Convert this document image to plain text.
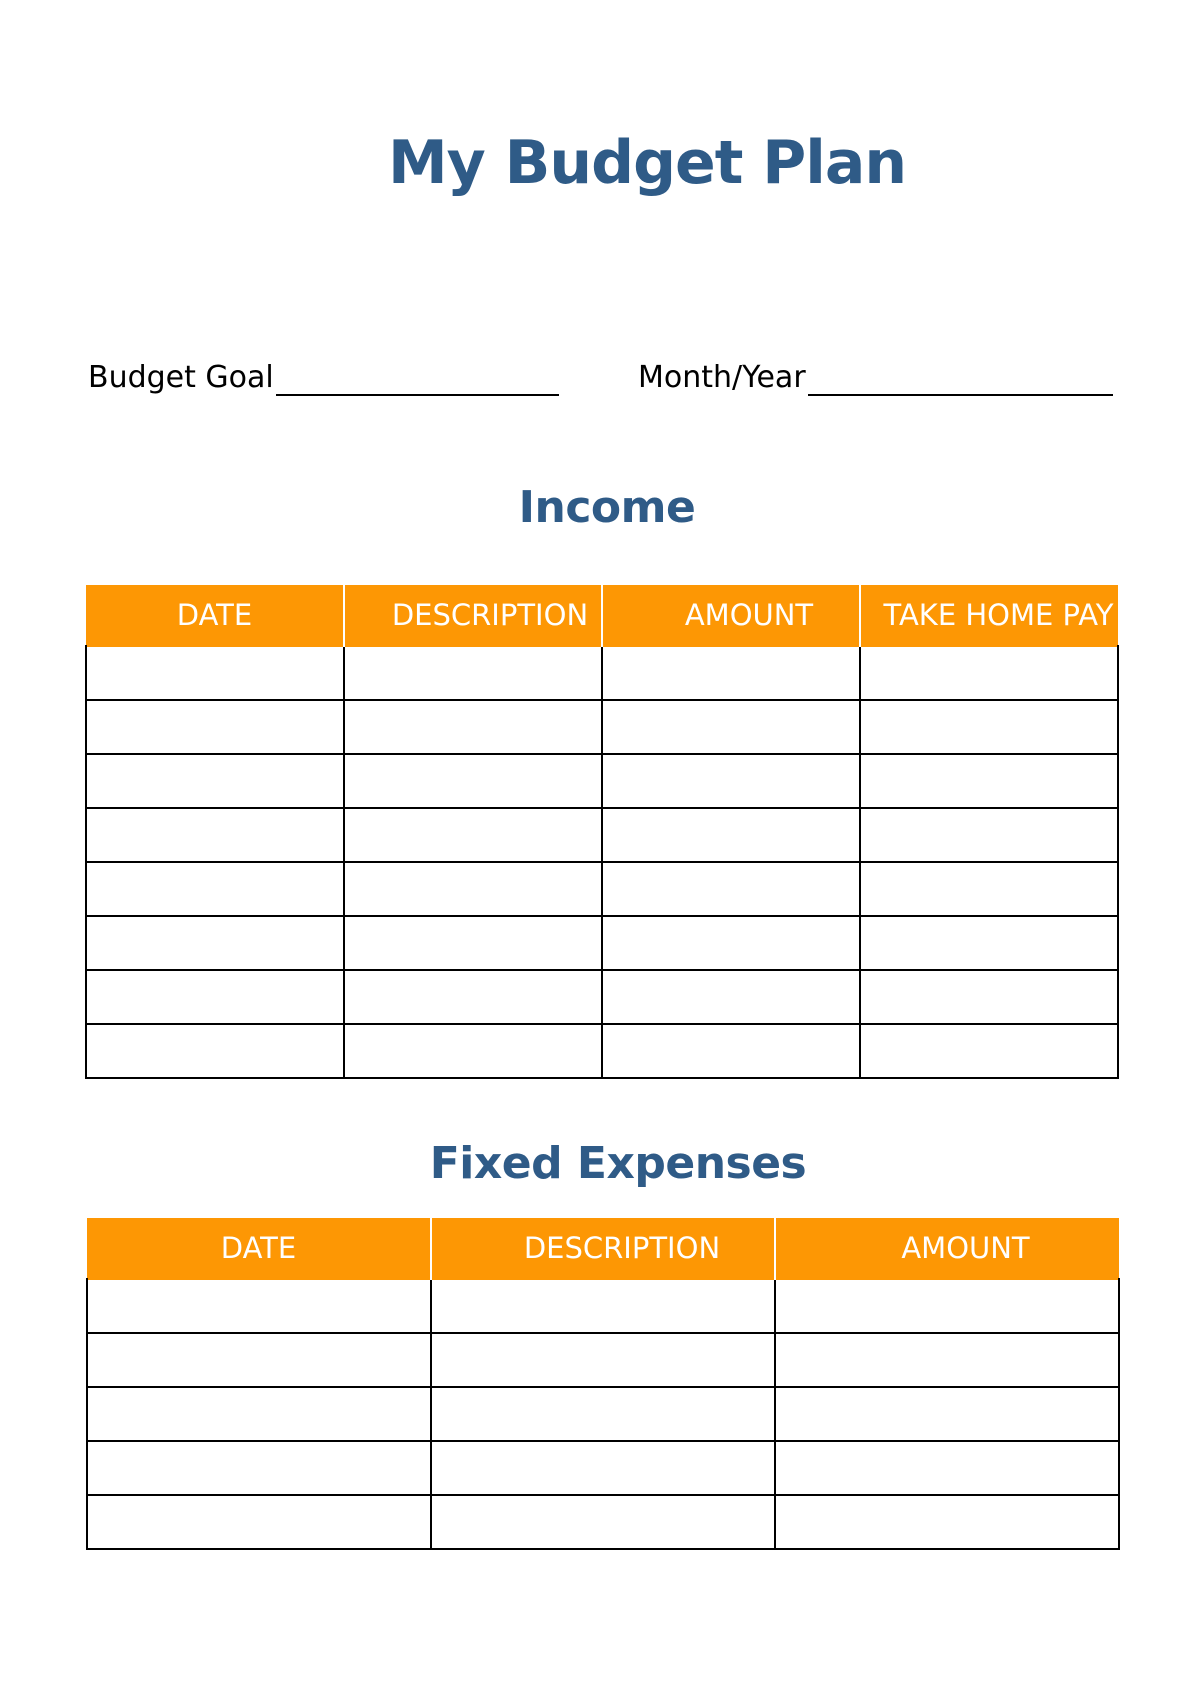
My Budget Plan
Budget Goal	Month/Year
Income
DATE	DESCRIPTION	AMOUNT	TAKE HOME PAY

Fixed Expenses
DATE	DESCRIPTION	AMOUNT
